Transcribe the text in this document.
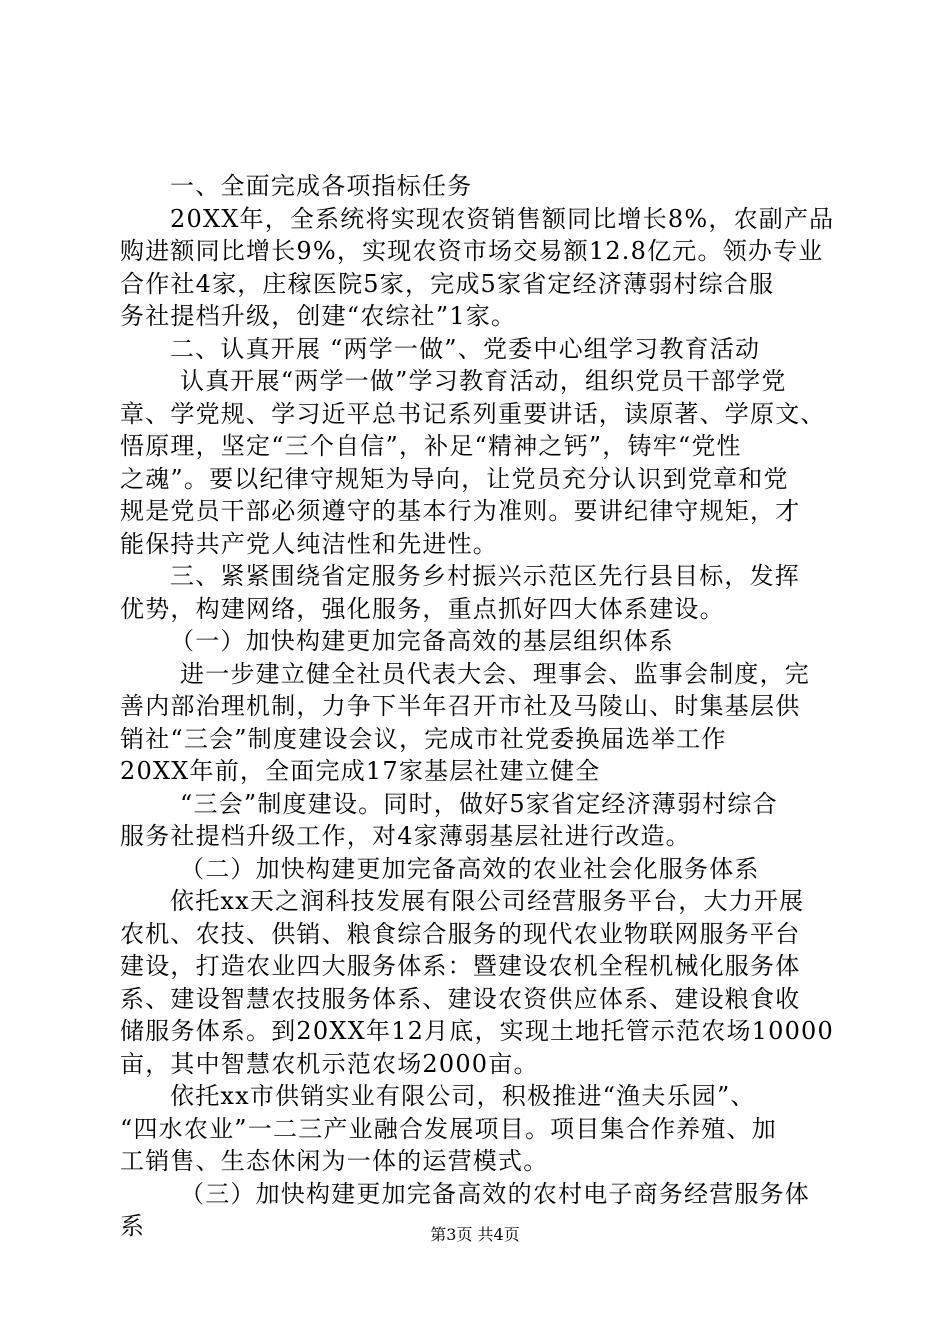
一、全面完成各项指标任务
20XX年，全系统将实现农资销售额同比增长8%，农副产品
购进额同比增长9%，实现农资市场交易额12.8亿元。领办专业
合作社4家，庄稼医院5家，完成5家省定经济薄弱村综合服
务社提档升级，创建“农综社”1家。
二、认真开展 “两学一做”、党委中心组学习教育活动
认真开展“两学一做”学习教育活动，组织党员干部学党
章、学党规、学习近平总书记系列重要讲话，读原著、学原文、
悟原理，坚定“三个自信”，补足“精神之钙”，铸牢“党性
之魂”。要以纪律守规矩为导向，让党员充分认识到党章和党
规是党员干部必须遵守的基本行为准则。要讲纪律守规矩，才
能保持共产党人纯洁性和先进性。
三、紧紧围绕省定服务乡村振兴示范区先行县目标，发挥
优势，构建网络，强化服务，重点抓好四大体系建设。
（一）加快构建更加完备高效的基层组织体系
进一步建立健全社员代表大会、理事会、监事会制度，完
善内部治理机制，力争下半年召开市社及马陵山、时集基层供
销社“三会”制度建设会议，完成市社党委换届选举工作
20XX年前，全面完成17家基层社建立健全
“三会”制度建设。同时，做好5家省定经济薄弱村综合
服务社提档升级工作，对4家薄弱基层社进行改造。
（二）加快构建更加完备高效的农业社会化服务体系
依托xx天之润科技发展有限公司经营服务平台，大力开展
农机、农技、供销、粮食综合服务的现代农业物联网服务平台
建设，打造农业四大服务体系：暨建设农机全程机械化服务体
系、建设智慧农技服务体系、建设农资供应体系、建设粮食收
储服务体系。到20XX年12月底，实现土地托管示范农场10000
亩，其中智慧农机示范农场2000亩。
依托xx市供销实业有限公司，积极推进“渔夫乐园”、
“四水农业”一二三产业融合发展项目。项目集合作养殖、加
工销售、生态休闲为一体的运营模式。
（三）加快构建更加完备高效的农村电子商务经营服务体
系	第3页 共4页
